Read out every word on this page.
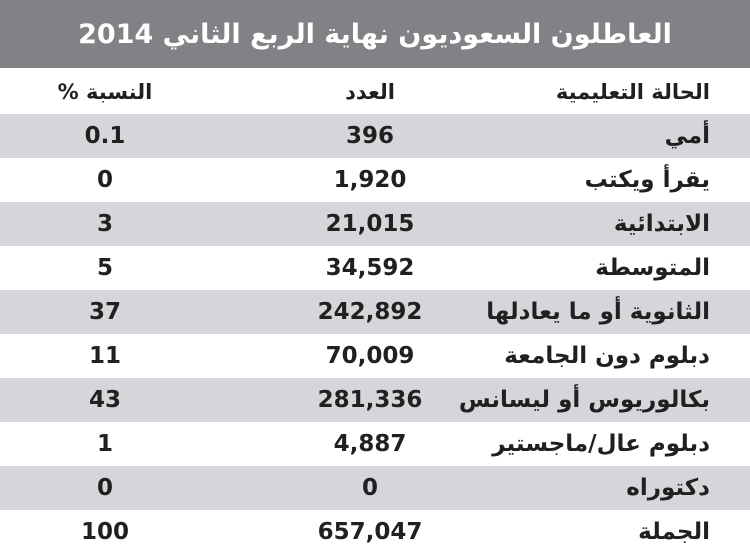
العاطلون السعوديون نهاية الربع الثاني 2014
الحالة التعليمية
العدد
النسبة %
أمي
396
0.1
يقرأ ويكتب
1,920
0
الابتدائية
21,015
3
المتوسطة
34,592
5
الثانوية أو ما يعادلها
242,892
37
دبلوم دون الجامعة
70,009
11
بكالوريوس أو ليسانس
281,336
43
دبلوم عال/ماجستير
4,887
1
دكتوراه
0
0
الجملة
657,047
100
